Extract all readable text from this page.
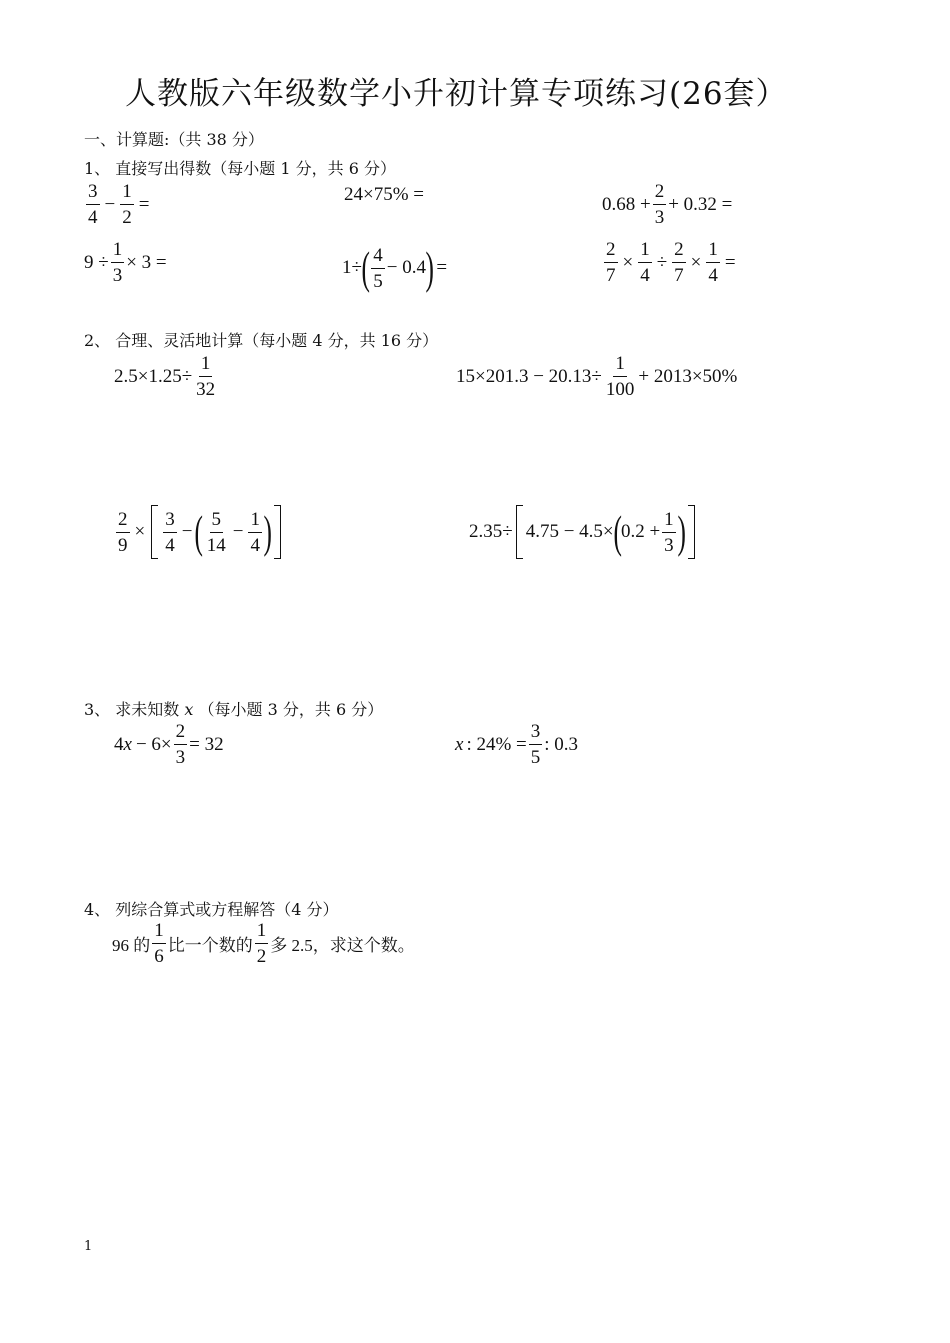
人教版六年级数学小升初计算专项练习(26套）
一、计算题:（共 38 分）
1、 直接写出得数（每小题 1 分，共 6 分）
$\frac{3}{4} - \frac{1}{2}$ =	24×75% =	$0.68 + \frac{2}{3} + 0.32$ =
$9 \div \frac{1}{3} \times 3$ =	1÷ ( $\frac{4}{5} - 0.4$ ) =	$\frac{2}{7} \times \frac{1}{4} \div \frac{2}{7} \times \frac{1}{4}$ =
2、 合理、灵活地计算（每小题 4 分，共 16 分）
$2.5\times 1.25\div \frac{1}{32}$	$15\times 201.3 - 20.13\div \frac{1}{100} + 2013\times 50\%$
$\frac{2}{9} \times \frac{3}{4}$ − ( $\frac{5}{14} - \frac{1}{4}$ )	2.35÷ 4.75 − 4.5× ( $0.2 + \frac{1}{3}$ )
3、 求未知数 x （每小题 3 分，共 6 分）
4 $x - 6\times \frac{2}{3} = 32$	x : $24\% = \frac{3}{5}$ : 0.3
4、 列综合算式或方程解答（4 分）
96 的 $\frac{1}{6}$ 比一个数的 $\frac{1}{2}$ 多 2.5，求这个数。
1
